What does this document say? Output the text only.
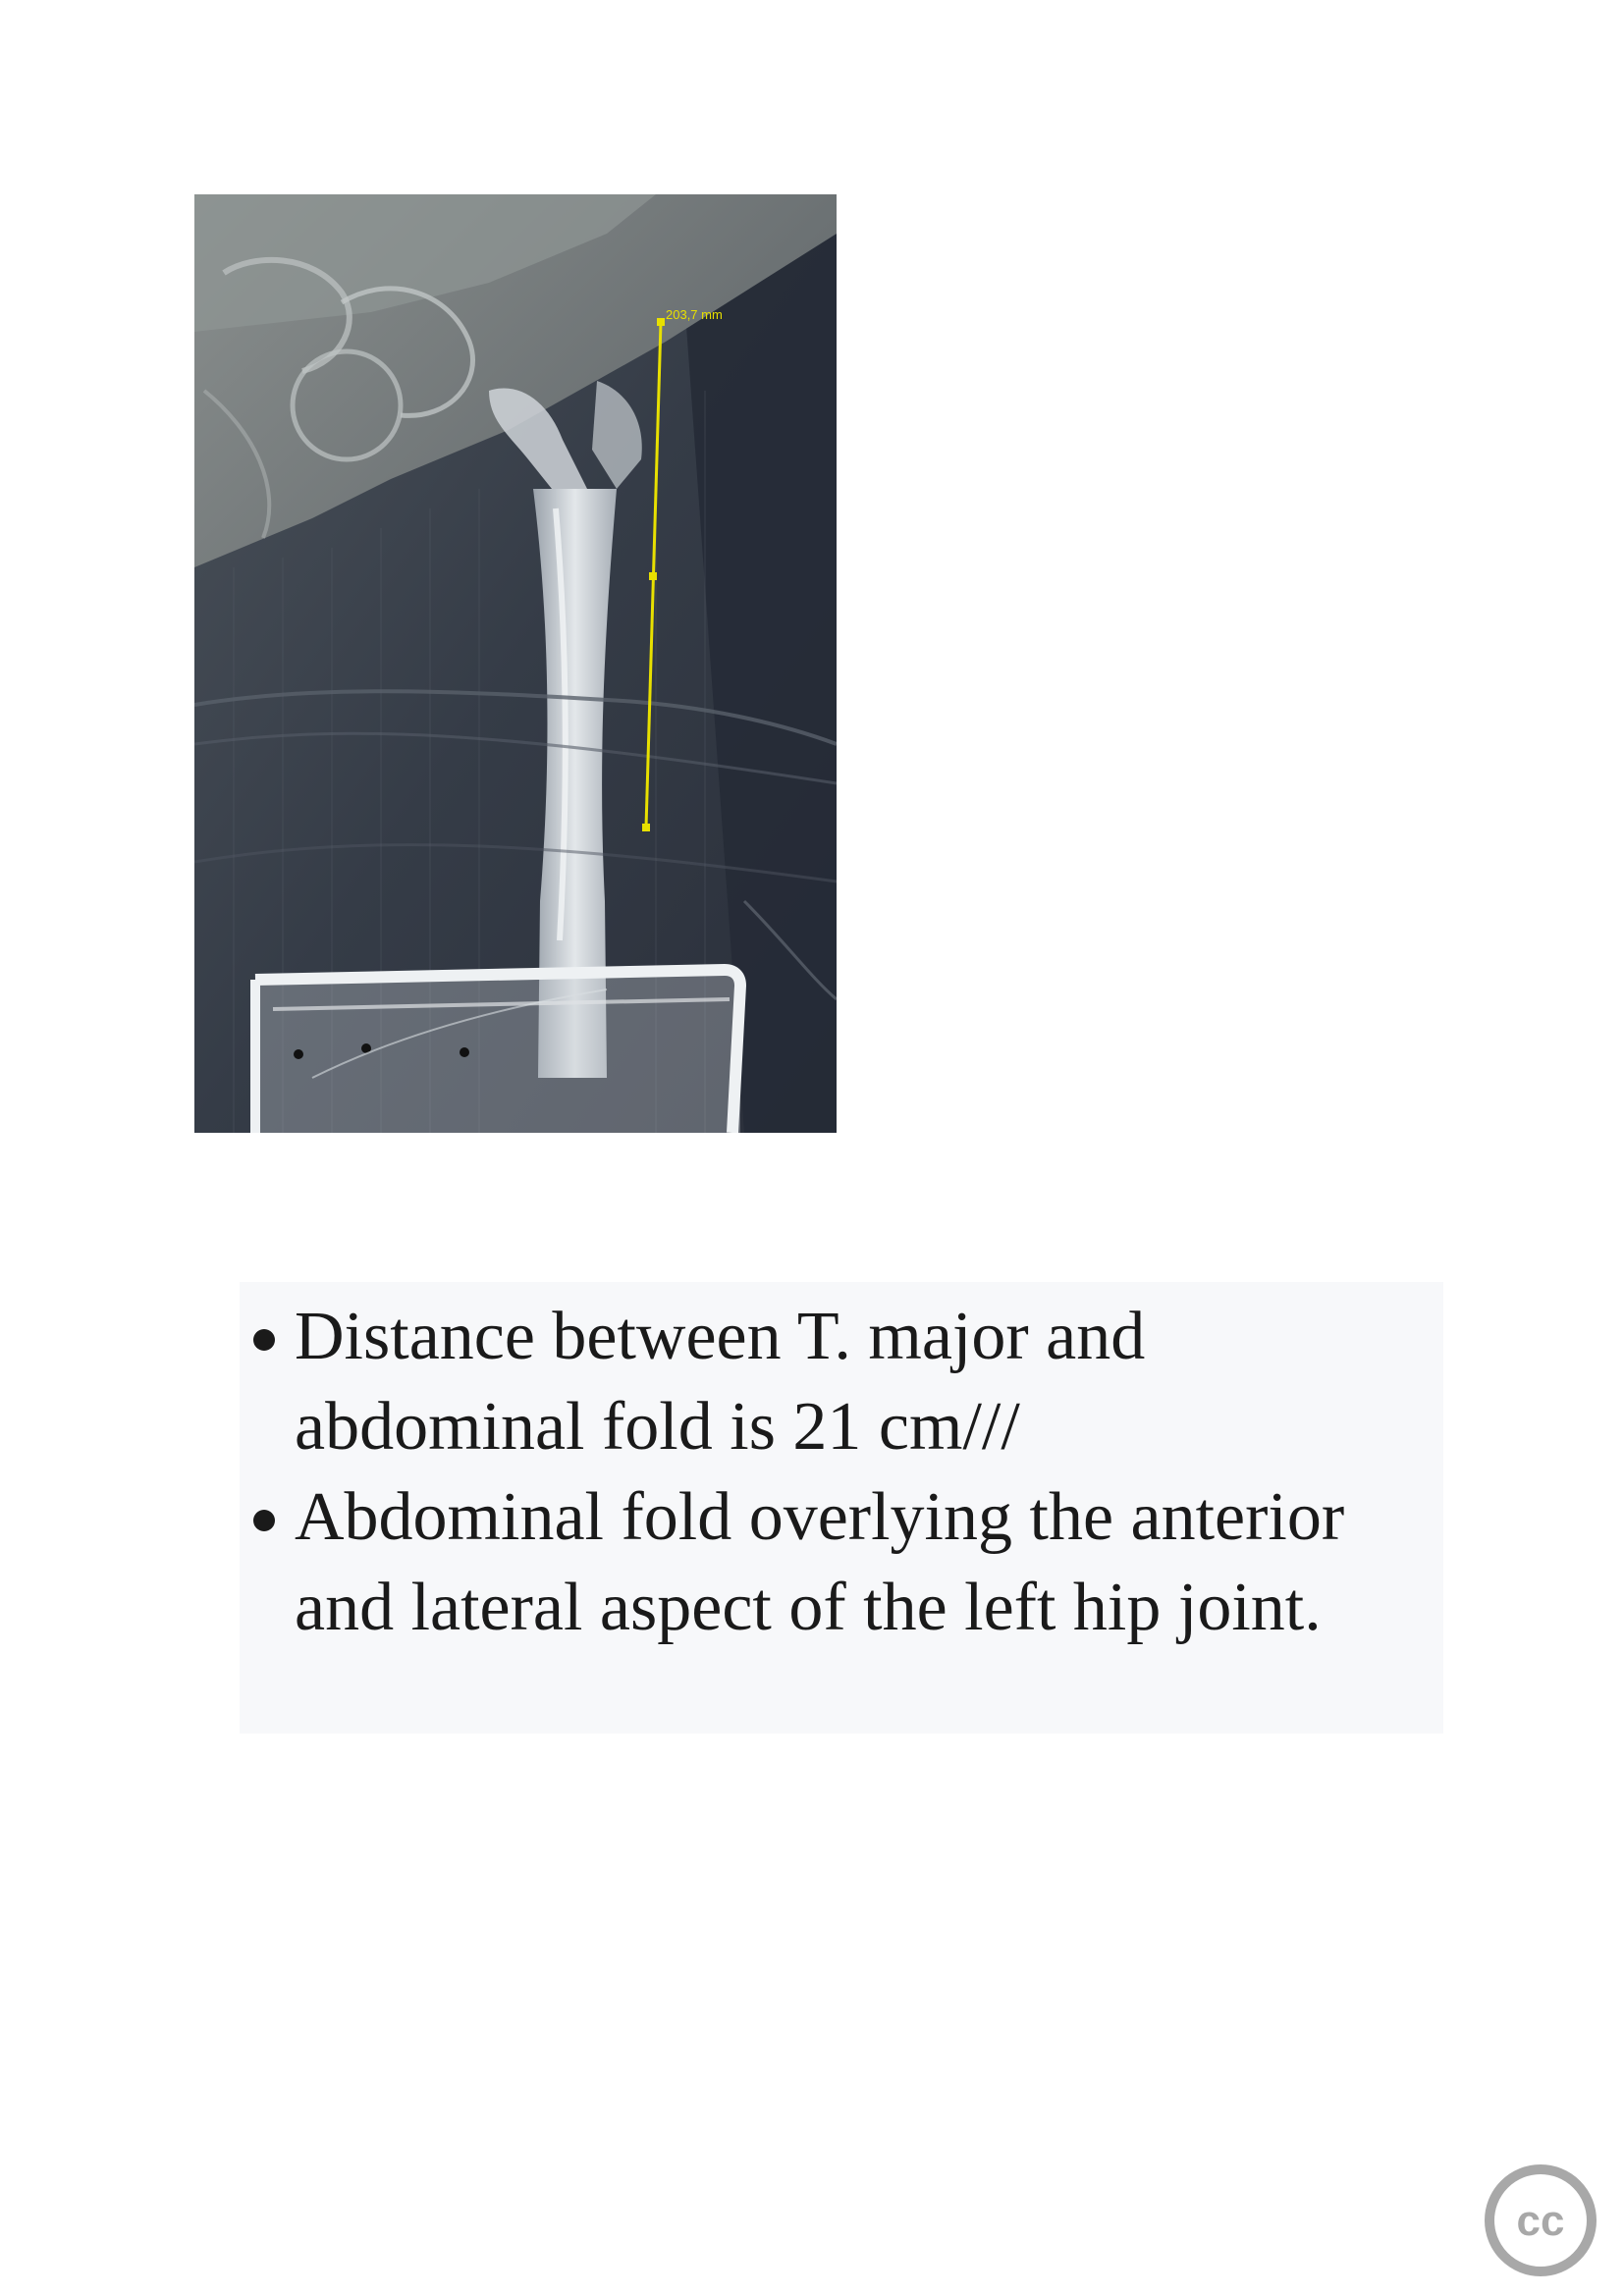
203,7 mm
Distance between T. major and abdominal fold is 21 cm///
Abdominal fold overlying the anterior and lateral aspect of the left hip joint.
cc
